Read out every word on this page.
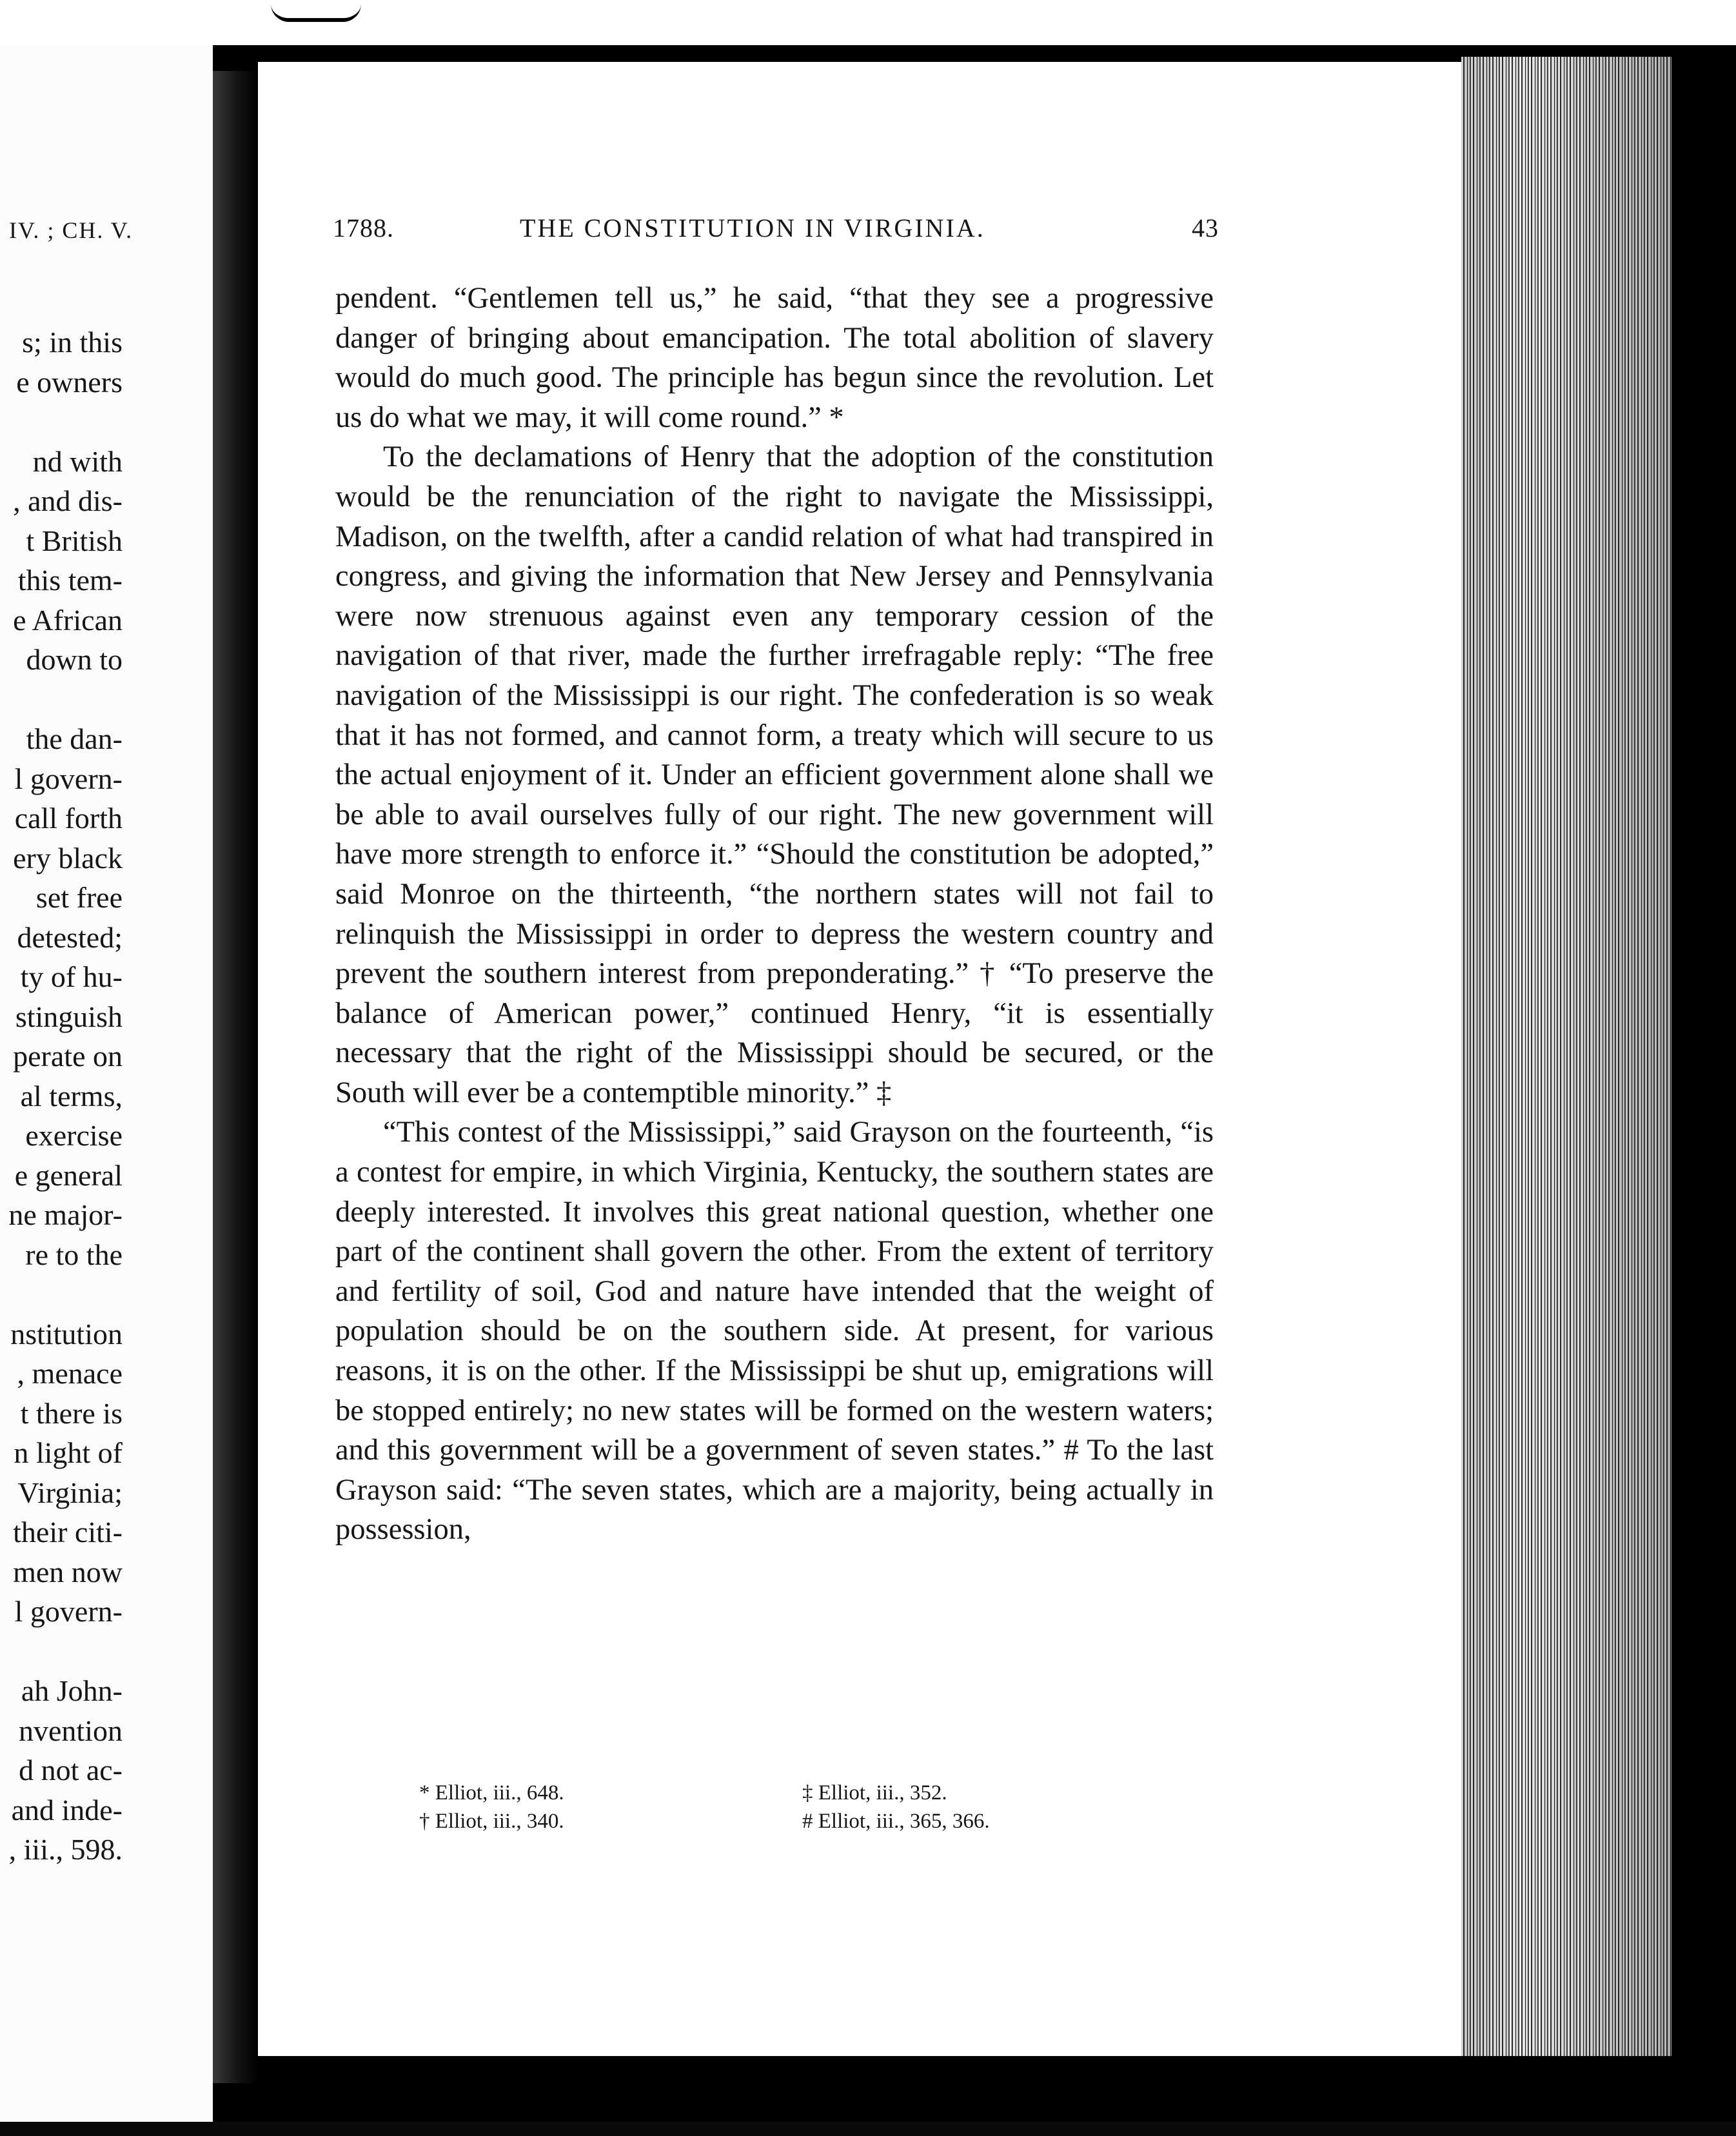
IV. ; CH. V.
s; in this
e owners

nd with
, and dis-
t British
this tem-
e African
down to

the dan-
l govern-
call forth
ery black
set free
detested;
ty of hu-
stinguish
perate on
al terms,
exercise
e general
ne major-
re to the

nstitution
, menace
t there is
n light of
Virginia;
their citi-
men now
l govern-

ah John-
nvention
d not ac-
and inde-
, iii., 598.
1788.	THE CONSTITUTION IN VIRGINIA.	43

pendent. “Gentlemen tell us,” he said, “that they see a progressive danger of bringing about emancipation. The total abolition of slavery would do much good. The principle has begun since the revolution. Let us do what we may, it will come round.” *

To the declamations of Henry that the adoption of the constitution would be the renunciation of the right to navigate the Mississippi, Madison, on the twelfth, after a candid relation of what had transpired in congress, and giving the information that New Jersey and Pennsylvania were now strenuous against even any temporary cession of the navigation of that river, made the further irrefragable reply: “The free navigation of the Mississippi is our right. The confederation is so weak that it has not formed, and cannot form, a treaty which will secure to us the actual enjoyment of it. Under an efficient government alone shall we be able to avail ourselves fully of our right. The new government will have more strength to enforce it.” “Should the constitution be adopted,” said Monroe on the thirteenth, “the northern states will not fail to relinquish the Mississippi in order to depress the western country and prevent the southern interest from preponderating.” † “To preserve the balance of American power,” continued Henry, “it is essentially necessary that the right of the Mississippi should be secured, or the South will ever be a contemptible minority.” ‡

“This contest of the Mississippi,” said Grayson on the fourteenth, “is a contest for empire, in which Virginia, Kentucky, the southern states are deeply interested. It involves this great national question, whether one part of the continent shall govern the other. From the extent of territory and fertility of soil, God and nature have intended that the weight of population should be on the southern side. At present, for various reasons, it is on the other. If the Mississippi be shut up, emigrations will be stopped entirely; no new states will be formed on the western waters; and this government will be a government of seven states.” # To the last Grayson said: “The seven states, which are a majority, being actually in possession,

* Elliot, iii., 648.
† Elliot, iii., 340.
‡ Elliot, iii., 352.
# Elliot, iii., 365, 366.
